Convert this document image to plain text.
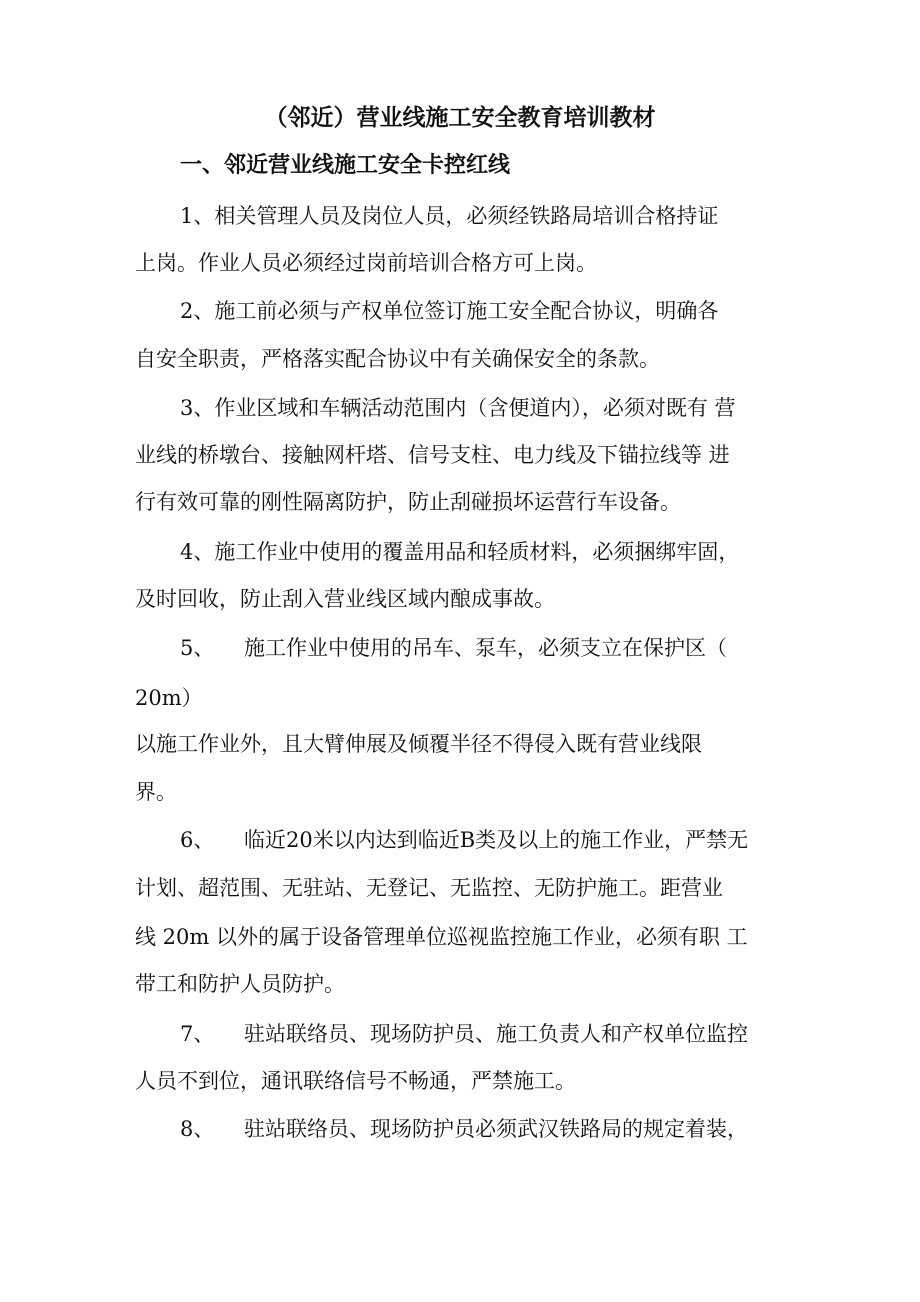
（邻近）营业线施工安全教育培训教材
一、邻近营业线施工安全卡控红线
1、相关管理人员及岗位人员，必须经铁路局培训合格持证
上岗。作业人员必须经过岗前培训合格方可上岗。
2、施工前必须与产权单位签订施工安全配合协议，明确各
自安全职责，严格落实配合协议中有关确保安全的条款。
3、作业区域和车辆活动范围内（含便道内），必须对既有 营
业线的桥墩台、接触网杆塔、信号支柱、电力线及下锚拉线等 进
行有效可靠的刚性隔离防护，防止刮碰损坏运营行车设备。
4、施工作业中使用的覆盖用品和轻质材料，必须捆绑牢固，
及时回收，防止刮入营业线区域内酿成事故。
5、 施工作业中使用的吊车、泵车，必须支立在保护区（
20m）
以施工作业外，且大臂伸展及倾覆半径不得侵入既有营业线限
界。
6、 临近20米以内达到临近B类及以上的施工作业，严禁无
计划、超范围、无驻站、无登记、无监控、无防护施工。距营业
线 20m 以外的属于设备管理单位巡视监控施工作业，必须有职 工
带工和防护人员防护。
7、 驻站联络员、现场防护员、施工负责人和产权单位监控
人员不到位，通讯联络信号不畅通，严禁施工。
8、 驻站联络员、现场防护员必须武汉铁路局的规定着装，
